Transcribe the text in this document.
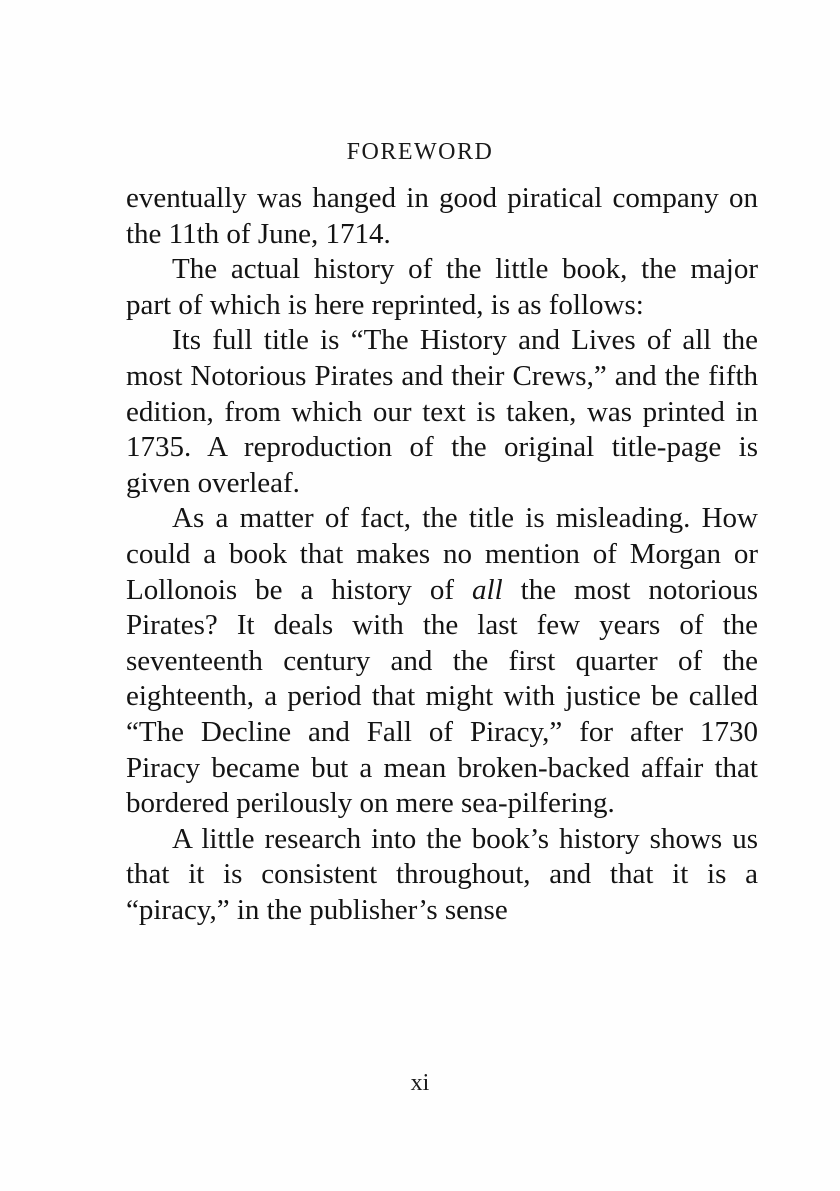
FOREWORD

eventually was hanged in good piratical company on the 11th of June, 1714.

The actual history of the little book, the major part of which is here reprinted, is as follows:

Its full title is “The History and Lives of all the most Notorious Pirates and their Crews,” and the fifth edition, from which our text is taken, was printed in 1735. A reproduction of the original title-page is given overleaf.

As a matter of fact, the title is misleading. How could a book that makes no mention of Morgan or Lollonois be a history of all the most notorious Pirates? It deals with the last few years of the seventeenth century and the first quarter of the eighteenth, a period that might with justice be called “The Decline and Fall of Piracy,” for after 1730 Piracy became but a mean broken-backed affair that bordered perilously on mere sea-pilfering.

A little research into the book’s history shows us that it is consistent throughout, and that it is a “piracy,” in the publisher’s sense

xi
